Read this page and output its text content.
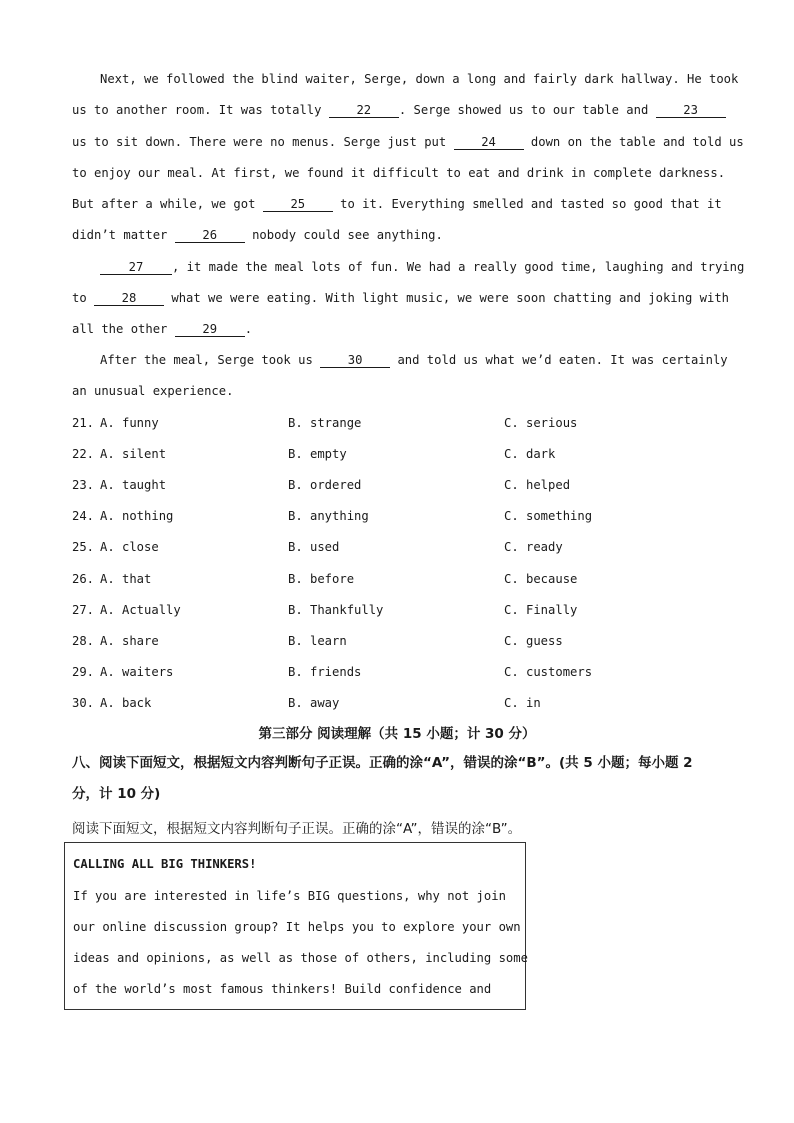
Next, we followed the blind waiter, Serge, down a long and fairly dark hallway. He took
us to another room. It was totally 22 . Serge showed us to our table and 23
us to sit down. There were no menus. Serge just put 24 down on the table and told us
to enjoy our meal. At first, we found it difficult to eat and drink in complete darkness.
But after a while, we got 25 to it. Everything smelled and tasted so good that it
didn’t matter 26 nobody could see anything.
27 , it made the meal lots of fun. We had a really good time, laughing and trying
to 28 what we were eating. With light music, we were soon chatting and joking with
all the other 29 .
After the meal, Serge took us 30 and told us what we’d eaten. It was certainly
an unusual experience.
21. A. funny	B. strange	C. serious
22. A. silent	B. empty	C. dark
23. A. taught	B. ordered	C. helped
24. A. nothing	B. anything	C. something
25. A. close	B. used	C. ready
26. A. that	B. before	C. because
27. A. Actually	B. Thankfully	C. Finally
28. A. share	B. learn	C. guess
29. A. waiters	B. friends	C. customers
30. A. back	B. away	C. in
第三部分 阅读理解（共 15 小题；计 30 分）
八、阅读下面短文，根据短文内容判断句子正误。正确的涂“A”，错误的涂“B”。(共 5 小题；每小题 2
分，计 10 分)
阅读下面短文，根据短文内容判断句子正误。正确的涂“A”，错误的涂“B”。
CALLING ALL BIG THINKERS!
If you are interested in life’s BIG questions, why not join
our online discussion group? It helps you to explore your own
ideas and opinions, as well as those of others, including some
of the world’s most famous thinkers! Build confidence and
